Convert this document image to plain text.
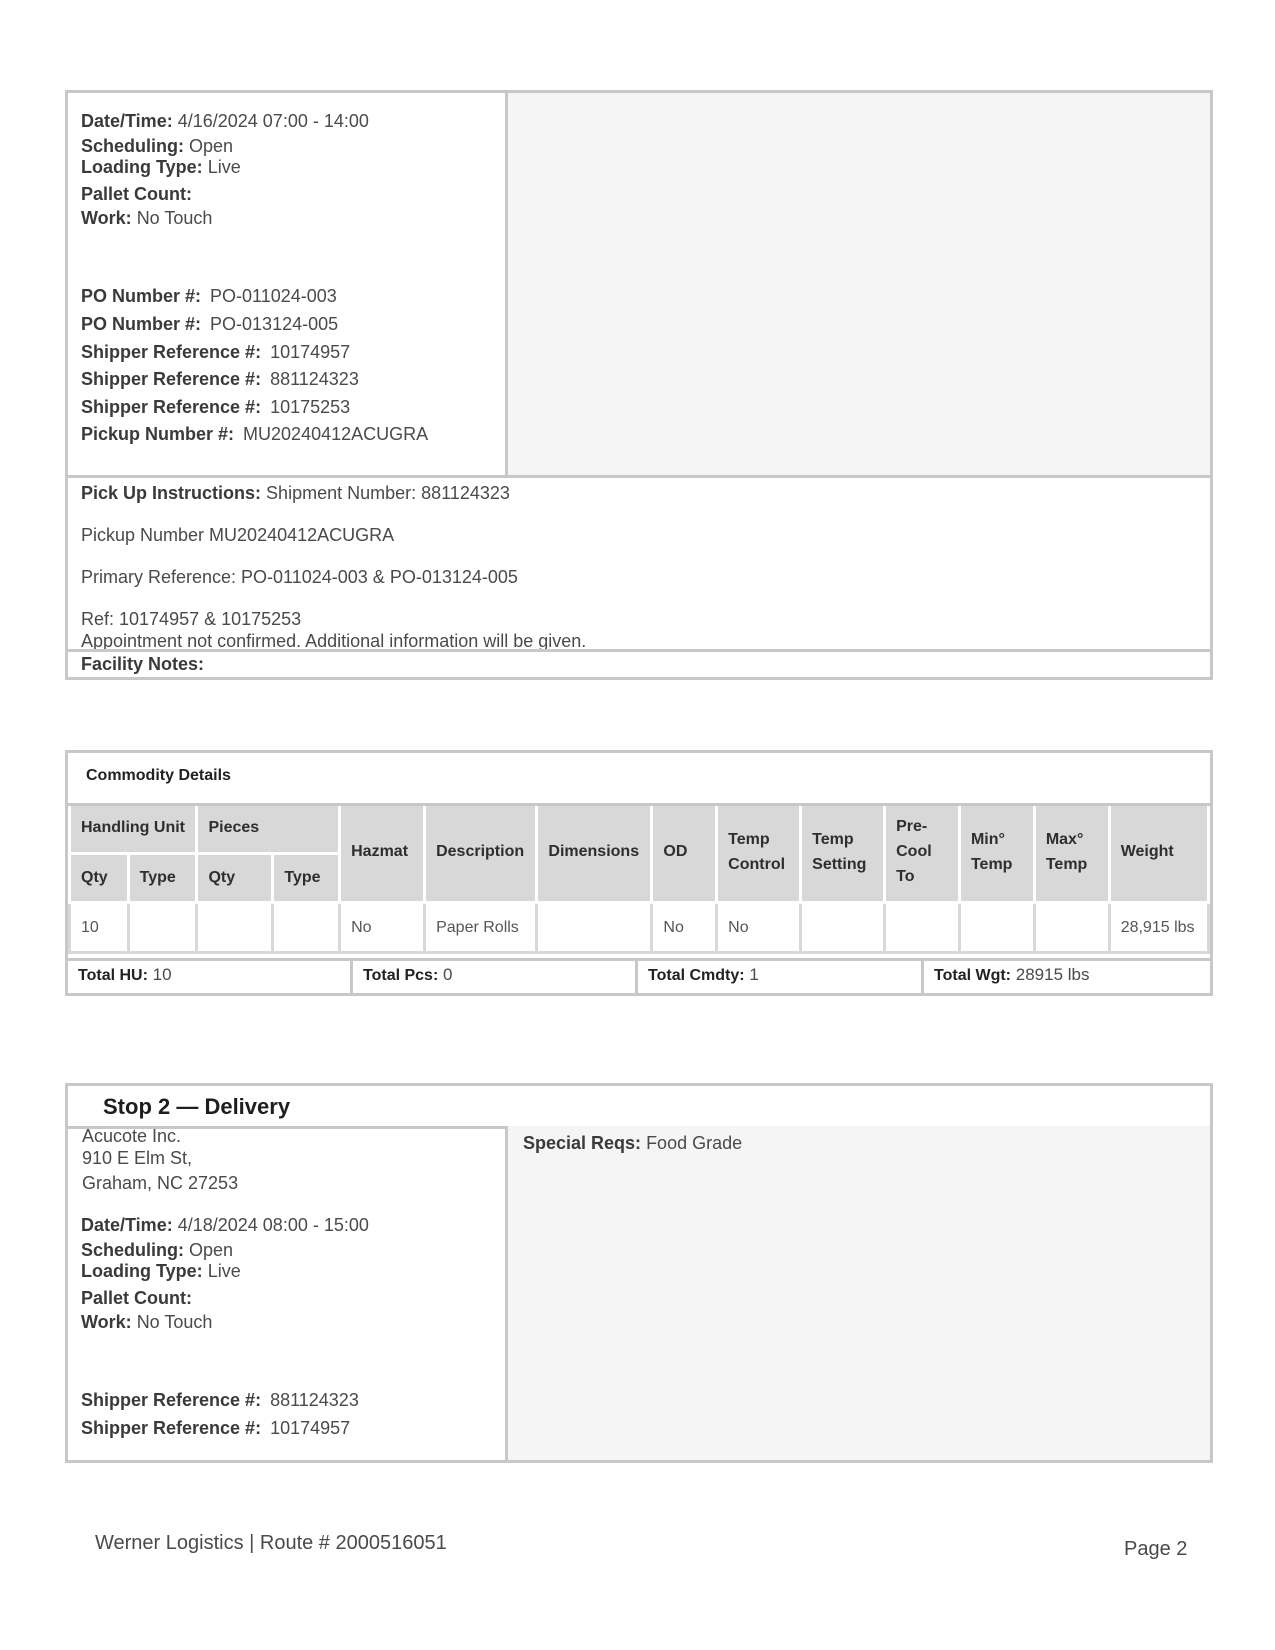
Date/Time: 4/16/2024 07:00 - 14:00
Scheduling: Open
Loading Type: Live
Pallet Count:
Work: No Touch
PO Number #: PO-011024-003
PO Number #: PO-013124-005
Shipper Reference #: 10174957
Shipper Reference #: 881124323
Shipper Reference #: 10175253
Pickup Number #: MU20240412ACUGRA
Pick Up Instructions: Shipment Number: 881124323
Pickup Number MU20240412ACUGRA
Primary Reference: PO-011024-003 & PO-013124-005
Ref: 10174957 & 10175253
Appointment not confirmed. Additional information will be given.
Facility Notes:
Commodity Details
Handling Unit		Pieces		Hazmat	Description	Dimensions	OD	Temp Control	Temp Setting	Pre-Cool To	Min° Temp	Max° Temp	Weight
Qty	Type	Qty	Type										
10				No	Paper Rolls		No	No					28,915 lbs
Total HU: 10	Total Pcs: 0	Total Cmdty: 1	Total Wgt: 28915 lbs
Stop 2 — Delivery
Acucote Inc.
910 E Elm St,
Graham, NC 27253
Date/Time: 4/18/2024 08:00 - 15:00
Scheduling: Open
Loading Type: Live
Pallet Count:
Work: No Touch
Shipper Reference #: 881124323
Shipper Reference #: 10174957
Special Reqs: Food Grade
Werner Logistics | Route # 2000516051	Page 2
